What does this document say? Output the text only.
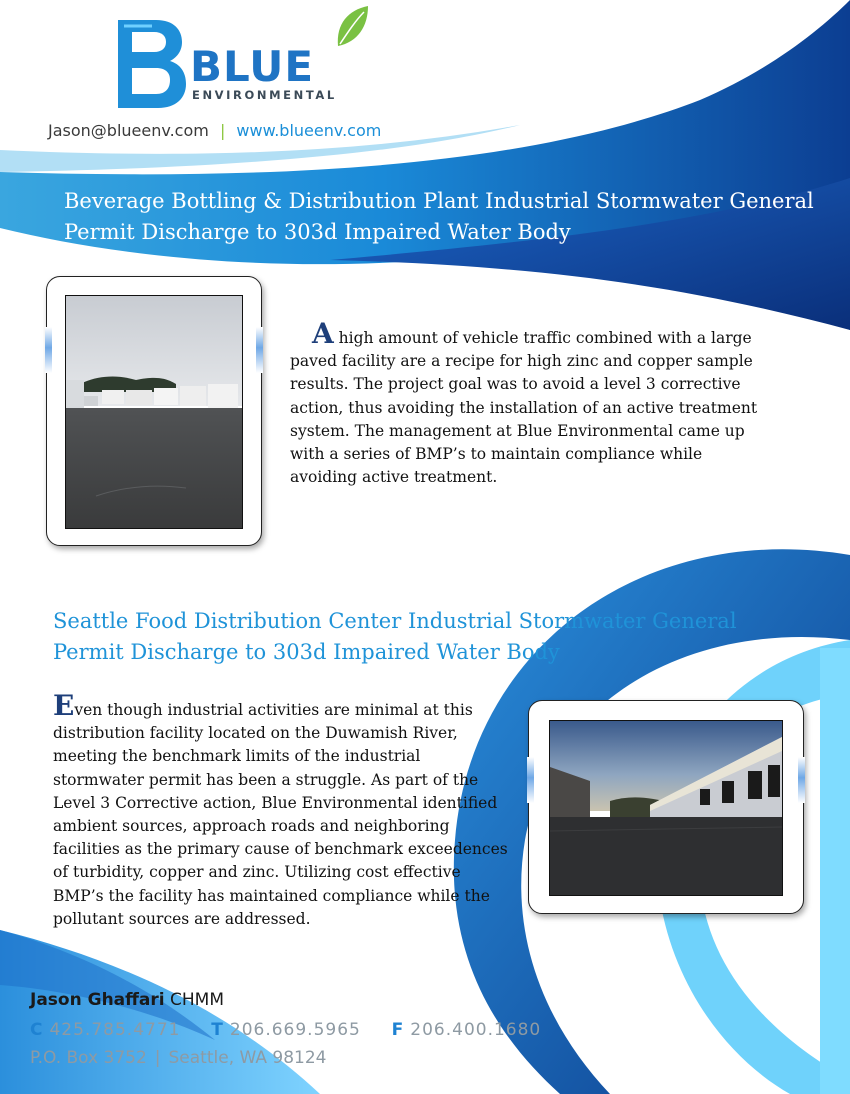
BLUE
ENVIRONMENTAL
Jason@blueenv.com | www.blueenv.com
Beverage Bottling & Distribution Plant Industrial Stormwater General Permit Discharge to 303d Impaired Water Body

A high amount of vehicle traffic combined with a large paved facility are a recipe for high zinc and copper sample results. The project goal was to avoid a level 3 corrective action, thus avoiding the installation of an active treatment system. The management at Blue Environmental came up with a series of BMP’s to maintain compliance while avoiding active treatment.

Seattle Food Distribution Center Industrial Stormwater General Permit Discharge to 303d Impaired Water Body

Even though industrial activities are minimal at this distribution facility located on the Duwamish River, meeting the benchmark limits of the industrial stormwater permit has been a struggle. As part of the Level 3 Corrective action, Blue Environmental identified ambient sources, approach roads and neighboring facilities as the primary cause of benchmark exceedences of turbidity, copper and zinc. Utilizing cost effective BMP’s the facility has maintained compliance while the pollutant sources are addressed.

Jason Ghaffari CHMM
C 425.785.4771 T 206.669.5965 F 206.400.1680
P.O. Box 3752 | Seattle, WA 98124
